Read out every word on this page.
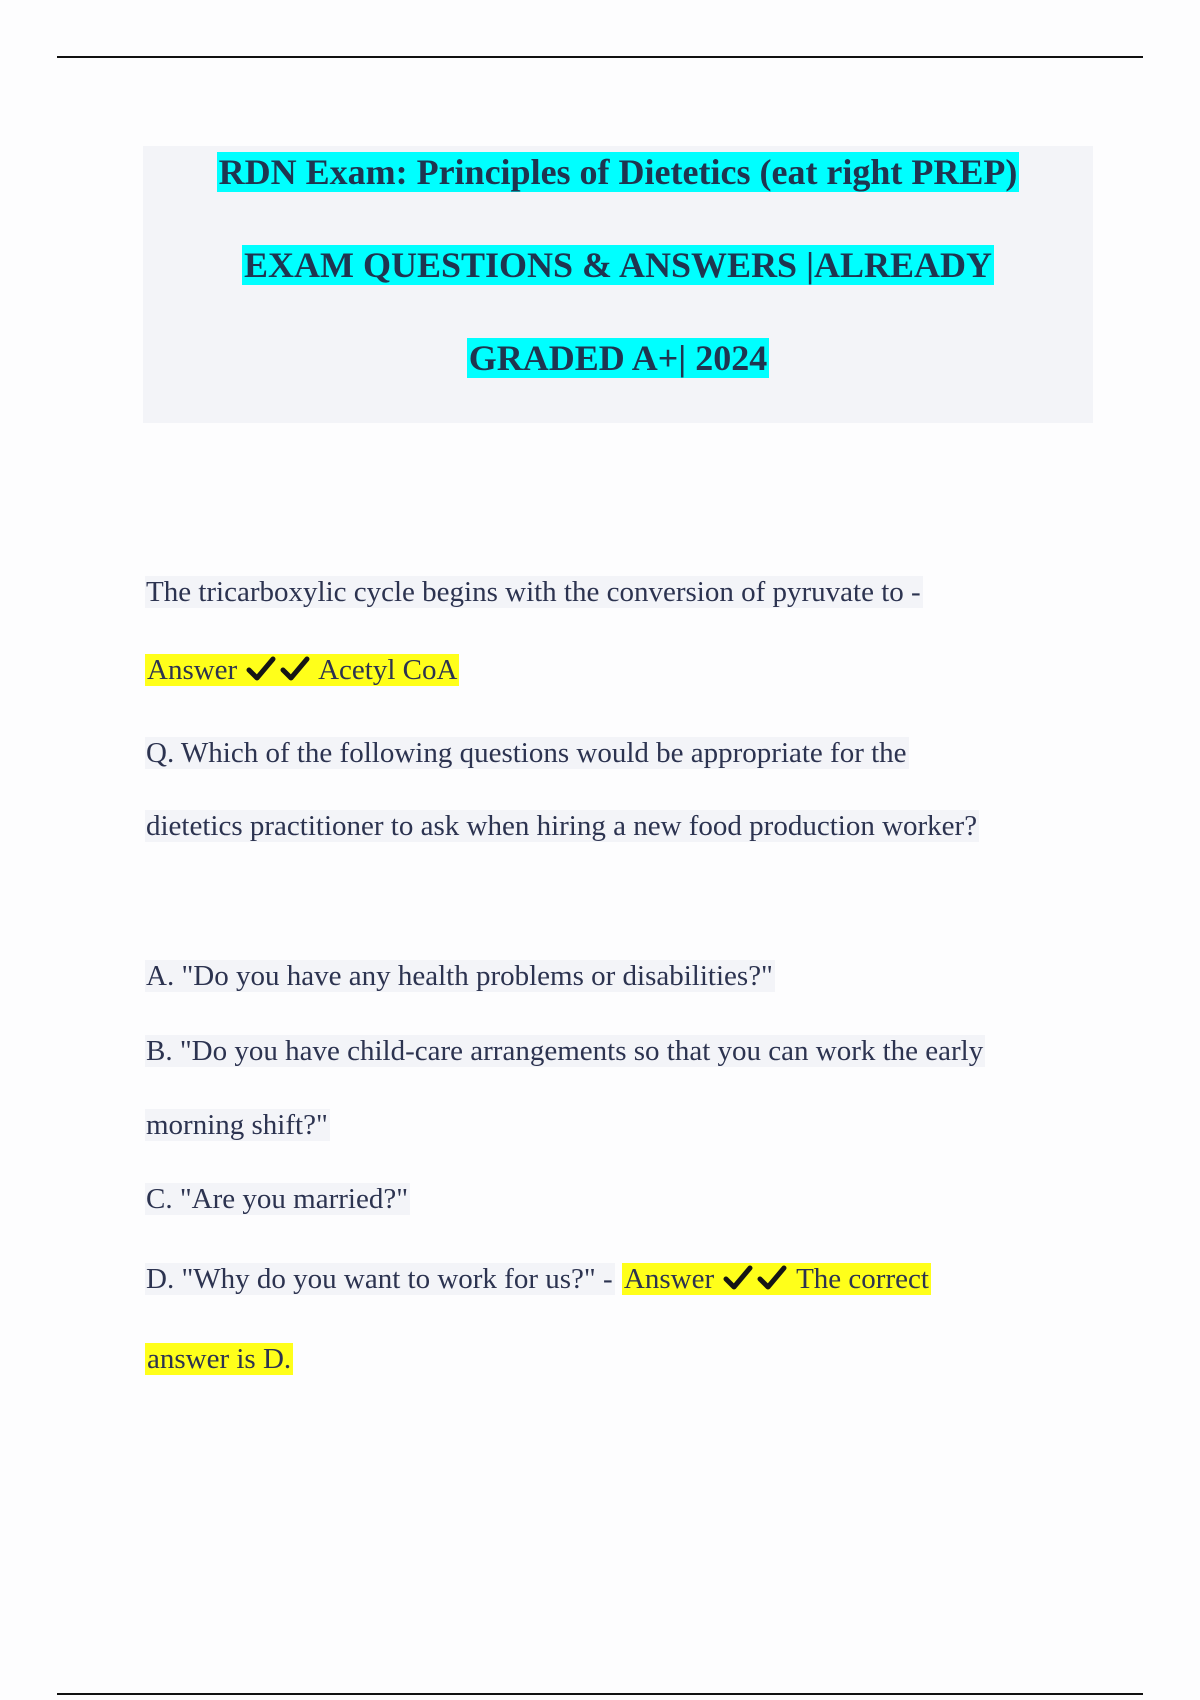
RDN Exam: Principles of Dietetics (eat right PREP)
EXAM QUESTIONS & ANSWERS |ALREADY
GRADED A+| 2024
The tricarboxylic cycle begins with the conversion of pyruvate to -
Answer	Acetyl CoA
Q. Which of the following questions would be appropriate for the
dietetics practitioner to ask when hiring a new food production worker?
A. "Do you have any health problems or disabilities?"
B. "Do you have child-care arrangements so that you can work the early
morning shift?"
C. "Are you married?"
D. "Why do you want to work for us?" - Answer	The correct
answer is D.
